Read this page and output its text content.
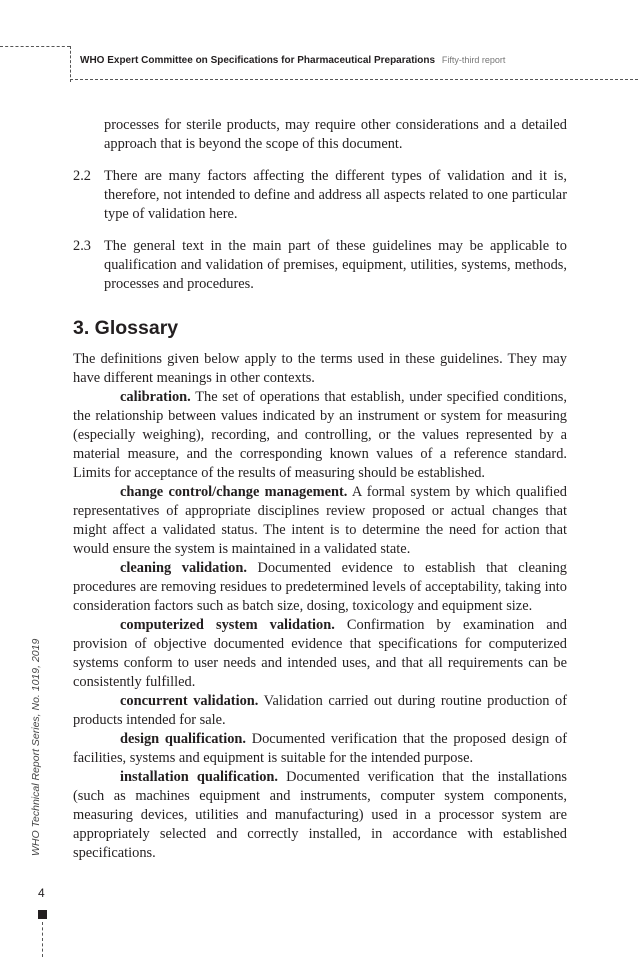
WHO Expert Committee on Specifications for Pharmaceutical Preparations Fifty-third report

processes for sterile products, may require other considerations and a detailed approach that is beyond the scope of this document.

2.2 There are many factors affecting the different types of validation and it is, therefore, not intended to define and address all aspects related to one particular type of validation here.
2.3 The general text in the main part of these guidelines may be applicable to qualification and validation of premises, equipment, utilities, systems, methods, processes and procedures.
3. Glossary

The definitions given below apply to the terms used in these guidelines. They may have different meanings in other contexts.

calibration. The set of operations that establish, under specified conditions, the relationship between values indicated by an instrument or system for measuring (especially weighing), recording, and controlling, or the values represented by a material measure, and the corresponding known values of a reference standard. Limits for acceptance of the results of measuring should be established.

change control/change management. A formal system by which qualified representatives of appropriate disciplines review proposed or actual changes that might affect a validated status. The intent is to determine the need for action that would ensure the system is maintained in a validated state.

cleaning validation. Documented evidence to establish that cleaning procedures are removing residues to predetermined levels of acceptability, taking into consideration factors such as batch size, dosing, toxicology and equipment size.

computerized system validation. Confirmation by examination and provision of objective documented evidence that specifications for computerized systems conform to user needs and intended uses, and that all requirements can be consistently fulfilled.

concurrent validation. Validation carried out during routine production of products intended for sale.

design qualification. Documented verification that the proposed design of facilities, systems and equipment is suitable for the intended purpose.

installation qualification. Documented verification that the installations (such as machines equipment and instruments, computer system components, measuring devices, utilities and manufacturing) used in a processor system are appropriately selected and correctly installed, in accordance with established specifications.

WHO Technical Report Series, No. 1019, 2019
4
